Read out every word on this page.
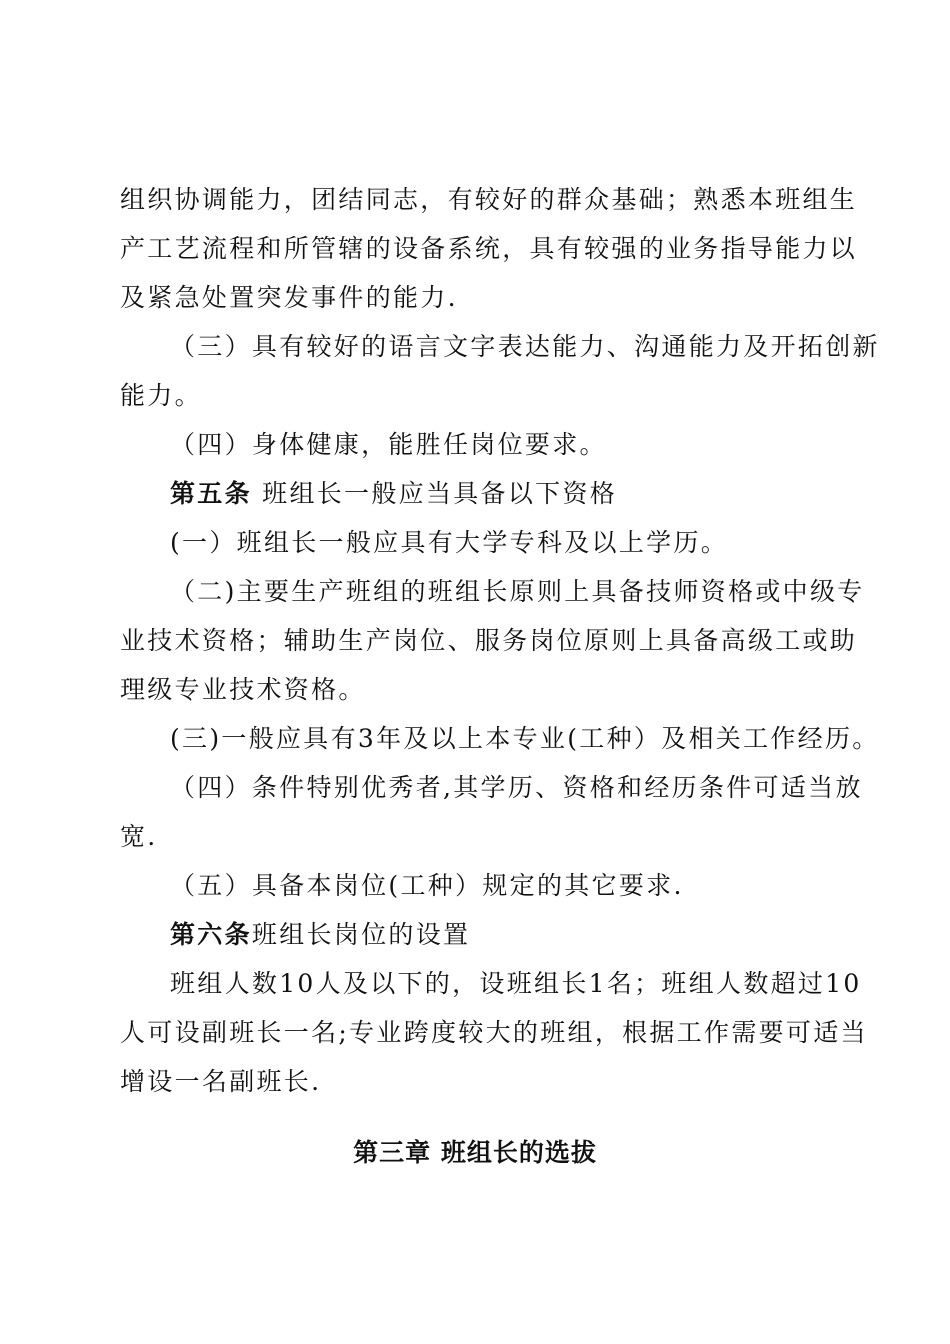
组织协调能力，团结同志，有较好的群众基础；熟悉本班组生
产工艺流程和所管辖的设备系统，具有较强的业务指导能力以
及紧急处置突发事件的能力.
（三）具有较好的语言文字表达能力、沟通能力及开拓创新
能力。
（四）身体健康，能胜任岗位要求。
第五条 班组长一般应当具备以下资格
(一）班组长一般应具有大学专科及以上学历。
（二)主要生产班组的班组长原则上具备技师资格或中级专
业技术资格；辅助生产岗位、服务岗位原则上具备高级工或助
理级专业技术资格。
(三)一般应具有3年及以上本专业(工种）及相关工作经历。
（四）条件特别优秀者,其学历、资格和经历条件可适当放
宽.
（五）具备本岗位(工种）规定的其它要求.
第六条班组长岗位的设置
班组人数10人及以下的，设班组长1名；班组人数超过10
人可设副班长一名;专业跨度较大的班组，根据工作需要可适当
增设一名副班长.
第三章 班组长的选拔
